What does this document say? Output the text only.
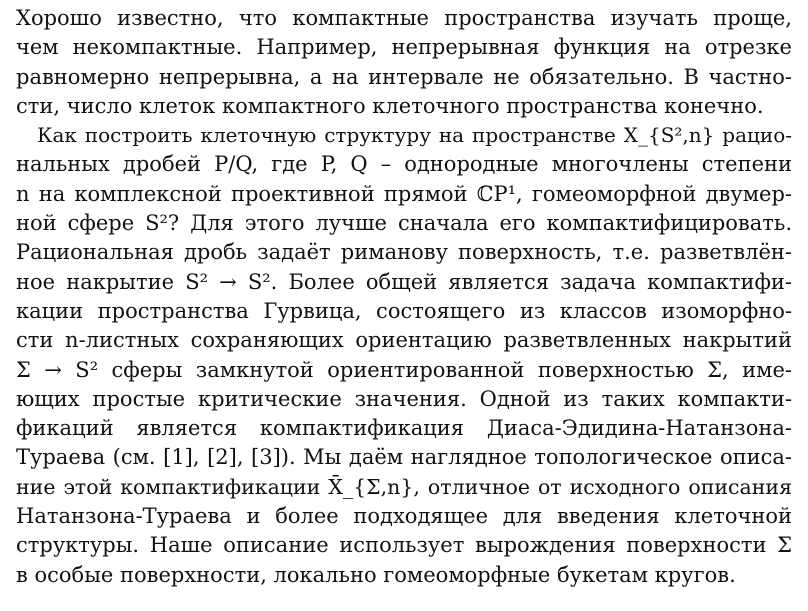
Хорошо известно, что компактные пространства изучать проще,
чем некомпактные. Например, непрерывная функция на отрезке
равномерно непрерывна, а на интервале не обязательно. В частно-
сти, число клеток компактного клеточного пространства конечно.
Как построить клеточную структуру на пространстве X_{S²,n} рацио-
нальных дробей P/Q, где P, Q – однородные многочлены степени
n на комплексной проективной прямой ℂP¹, гомеоморфной двумер-
ной сфере S²? Для этого лучше сначала его компактифицировать.
Рациональная дробь задаёт риманову поверхность, т.е. разветвлён-
ное накрытие S² → S². Более общей является задача компактифи-
кации пространства Гурвица, состоящего из классов изоморфно-
сти n-листных сохраняющих ориентацию разветвленных накрытий
Σ → S² сферы замкнутой ориентированной поверхностью Σ, име-
ющих простые критические значения. Одной из таких компакти-
фикаций является компактификация Диаса-Эдидина-Натанзона-
Тураева (см. [1], [2], [3]). Мы даём наглядное топологическое описа-
ние этой компактификации X̄_{Σ,n}, отличное от исходного описания
Натанзона-Тураева и более подходящее для введения клеточной
структуры. Наше описание использует вырождения поверхности Σ
в особые поверхности, локально гомеоморфные букетам кругов.
